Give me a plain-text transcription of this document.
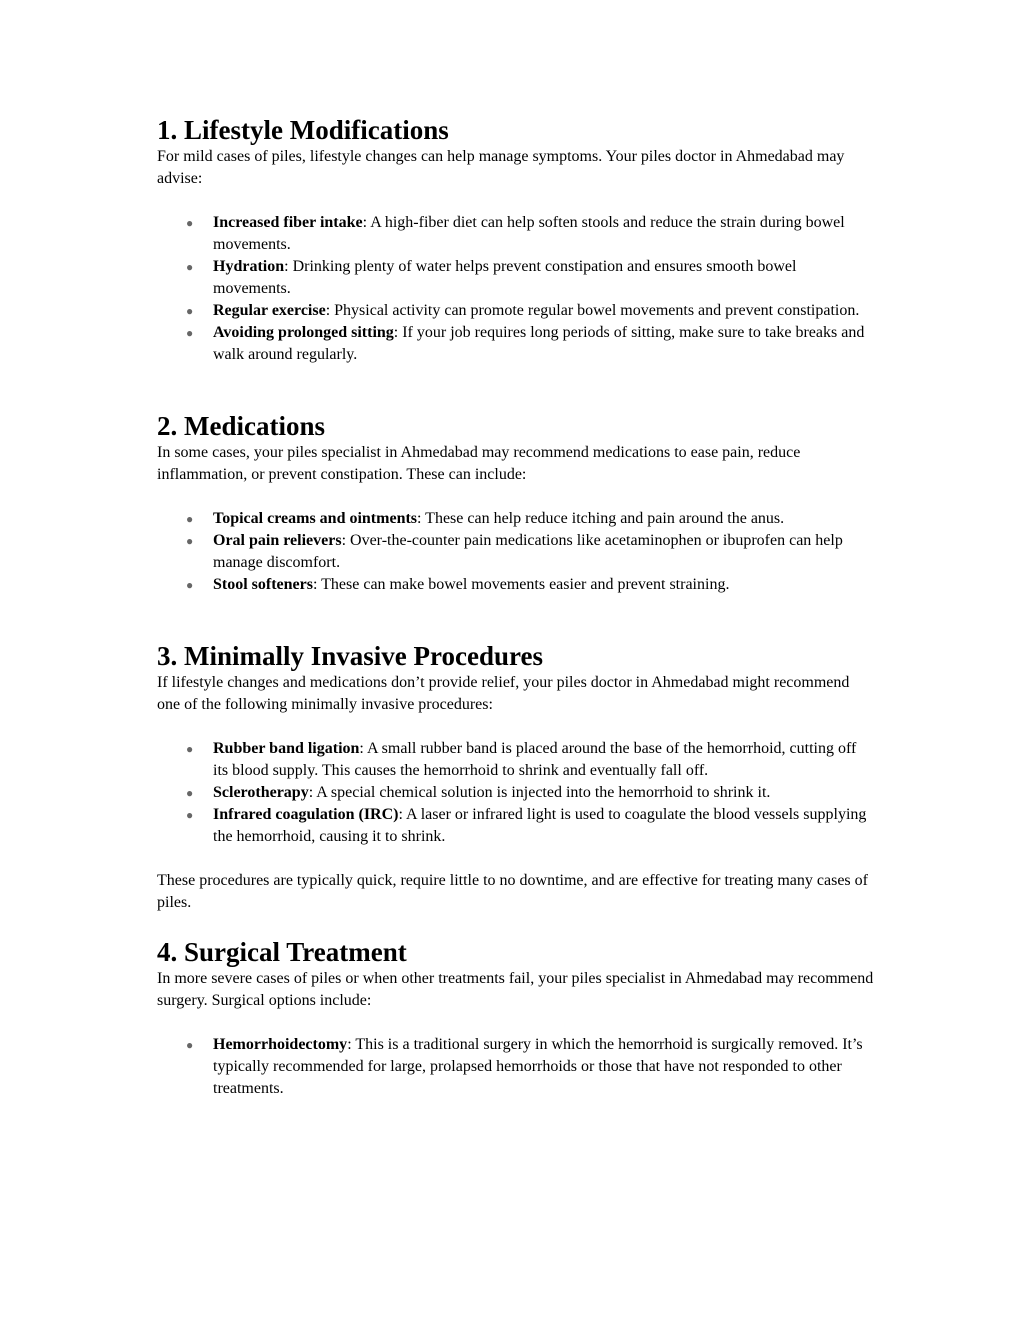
1. Lifestyle Modifications

For mild cases of piles, lifestyle changes can help manage symptoms. Your piles doctor in Ahmedabad may advise:

● Increased fiber intake: A high-fiber diet can help soften stools and reduce the strain during bowel movements.
● Hydration: Drinking plenty of water helps prevent constipation and ensures smooth bowel movements.
● Regular exercise: Physical activity can promote regular bowel movements and prevent constipation.
● Avoiding prolonged sitting: If your job requires long periods of sitting, make sure to take breaks and walk around regularly.
2. Medications

In some cases, your piles specialist in Ahmedabad may recommend medications to ease pain, reduce inflammation, or prevent constipation. These can include:

● Topical creams and ointments: These can help reduce itching and pain around the anus.
● Oral pain relievers: Over-the-counter pain medications like acetaminophen or ibuprofen can help manage discomfort.
● Stool softeners: These can make bowel movements easier and prevent straining.
3. Minimally Invasive Procedures

If lifestyle changes and medications don’t provide relief, your piles doctor in Ahmedabad might recommend one of the following minimally invasive procedures:

● Rubber band ligation: A small rubber band is placed around the base of the hemorrhoid, cutting off its blood supply. This causes the hemorrhoid to shrink and eventually fall off.
● Sclerotherapy: A special chemical solution is injected into the hemorrhoid to shrink it.
● Infrared coagulation (IRC): A laser or infrared light is used to coagulate the blood vessels supplying the hemorrhoid, causing it to shrink.

These procedures are typically quick, require little to no downtime, and are effective for treating many cases of piles.

4. Surgical Treatment

In more severe cases of piles or when other treatments fail, your piles specialist in Ahmedabad may recommend surgery. Surgical options include:

● Hemorrhoidectomy: This is a traditional surgery in which the hemorrhoid is surgically removed. It’s typically recommended for large, prolapsed hemorrhoids or those that have not responded to other treatments.
